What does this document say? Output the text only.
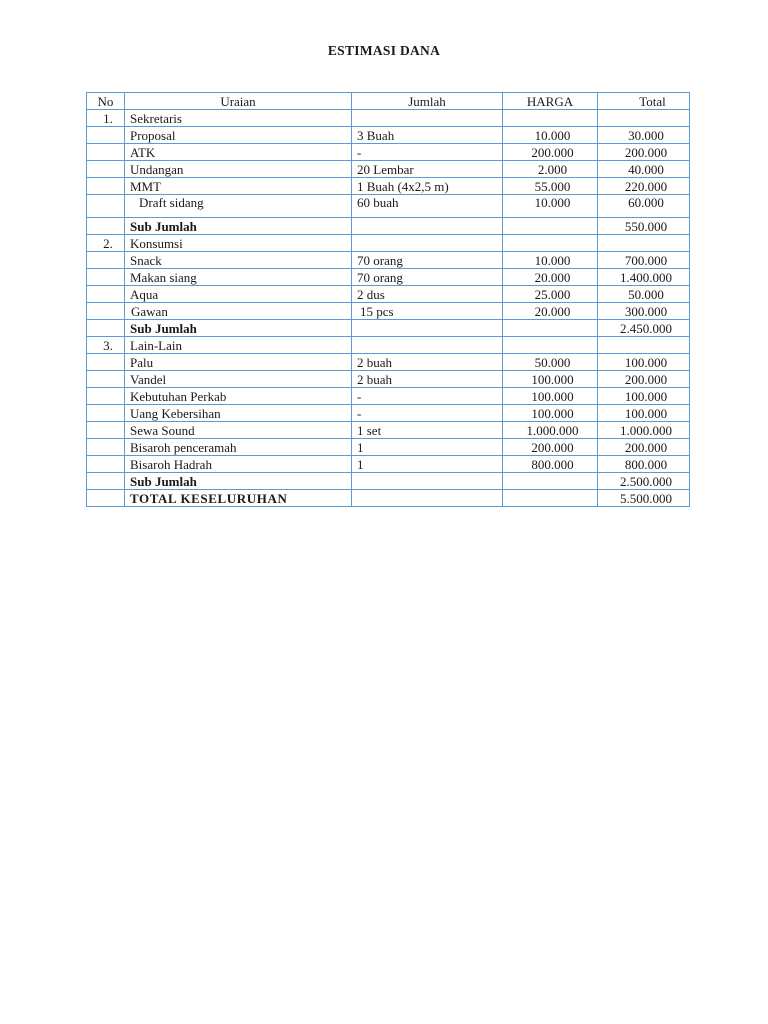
ESTIMASI DANA
No	Uraian	Jumlah	HARGA	Total
1.	Sekretaris			
	Proposal	3 Buah	10.000	30.000
	ATK	-	200.000	200.000
	Undangan	20 Lembar	2.000	40.000
	MMT	1 Buah (4x2,5 m)	55.000	220.000
	Draft sidang	60 buah	10.000	60.000
	Sub Jumlah			550.000
2.	Konsumsi			
	Snack	70 orang	10.000	700.000
	Makan siang	70 orang	20.000	1.400.000
	Aqua	2 dus	25.000	50.000
	Gawan	15 pcs	20.000	300.000
	Sub Jumlah			2.450.000
3.	Lain-Lain			
	Palu	2 buah	50.000	100.000
	Vandel	2 buah	100.000	200.000
	Kebutuhan Perkab	-	100.000	100.000
	Uang Kebersihan	-	100.000	100.000
	Sewa Sound	1 set	1.000.000	1.000.000
	Bisaroh penceramah	1	200.000	200.000
	Bisaroh Hadrah	1	800.000	800.000
	Sub Jumlah			2.500.000
	TOTAL KESELURUHAN			5.500.000
